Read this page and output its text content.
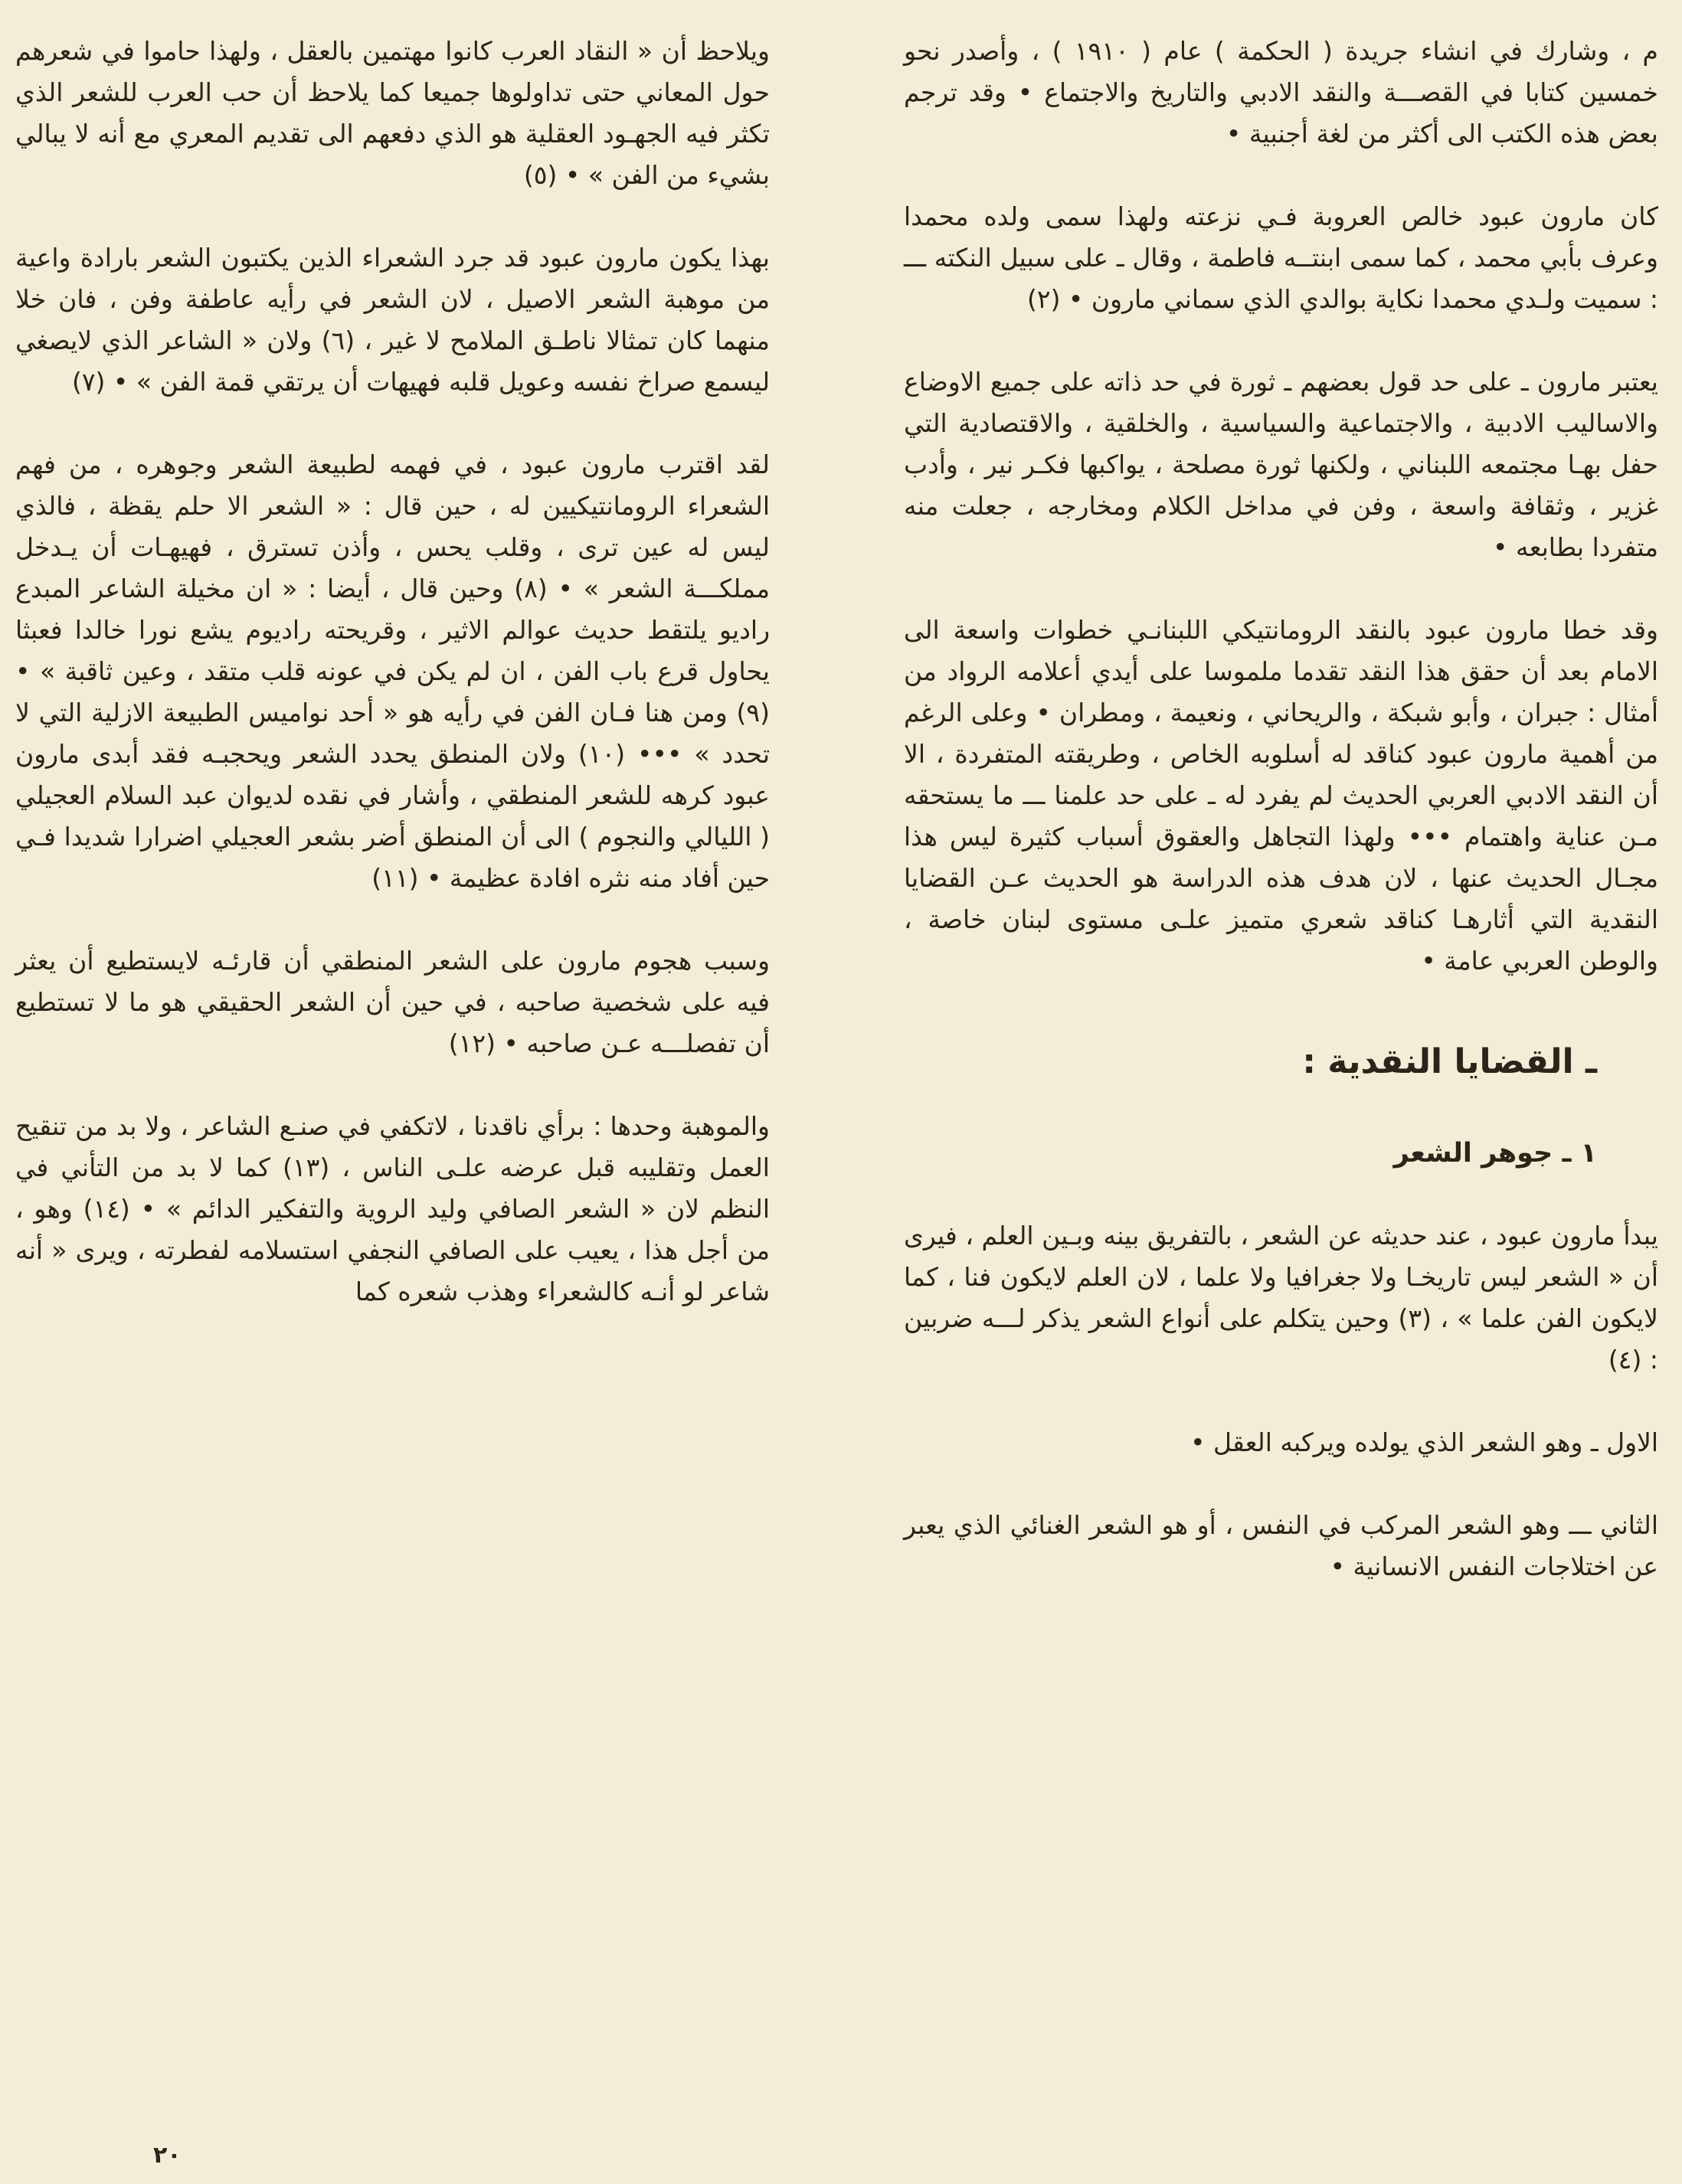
م ، وشارك في انشاء جريدة ( الحكمة ) عام ( ١٩١٠ ) ، وأصدر نحو خمسين كتابا في القصـــة والنقد الادبي والتاريخ والاجتماع • وقد ترجم بعض هذه الكتب الى أكثر من لغة أجنبية •

كان مارون عبود خالص العروبة فـي نزعته ولهذا سمى ولده محمدا وعرف بأبي محمد ، كما سمى ابنتــه فاطمة ، وقال ـ على سبيل النكته ـــ : سميت ولـدي محمدا نكاية بوالدي الذي سماني مارون • (٢)

يعتبر مارون ـ على حد قول بعضهم ـ ثورة في حد ذاته على جميع الاوضاع والاساليب الادبية ، والاجتماعية والسياسية ، والخلقية ، والاقتصادية التي حفل بهـا مجتمعه اللبناني ، ولكنها ثورة مصلحة ، يواكبها فكـر نير ، وأدب غزير ، وثقافة واسعة ، وفن في مداخل الكلام ومخارجه ، جعلت منه متفردا بطابعه •

وقد خطا مارون عبود بالنقد الرومانتيكي اللبنانـي خطوات واسعة الى الامام بعد أن حقق هذا النقد تقدما ملموسا على أيدي أعلامه الرواد من أمثال : جبران ، وأبو شبكة ، والريحاني ، ونعيمة ، ومطران • وعلى الرغم من أهمية مارون عبود كناقد له أسلوبه الخاص ، وطريقته المتفردة ، الا أن النقد الادبي العربي الحديث لم يفرد له ـ على حد علمنا ـــ ما يستحقه مـن عناية واهتمام ••• ولهذا التجاهل والعقوق أسباب كثيرة ليس هذا مجـال الحديث عنها ، لان هدف هذه الدراسة هو الحديث عـن القضايا النقدية التي أثارهـا كناقد شعري متميز علـى مستوى لبنان خاصة ، والوطن العربي عامة •

ـ القضايا النقدية :
١ ـ جوهر الشعر

يبدأ مارون عبود ، عند حديثه عن الشعر ، بالتفريق بينه وبـين العلم ، فيرى أن « الشعر ليس تاريخـا ولا جغرافيا ولا علما ، لان العلم لايكون فنا ، كما لايكون الفن علما » ، (٣) وحين يتكلم على أنواع الشعر يذكر لـــه ضربين : (٤)

الاول ـ وهو الشعر الذي يولده ويركبه العقل •

الثاني ـــ وهو الشعر المركب في النفس ، أو هو الشعر الغنائي الذي يعبر عن اختلاجات النفس الانسانية •

ويلاحظ أن « النقاد العرب كانوا مهتمين بالعقل ، ولهذا حاموا في شعرهم حول المعاني حتى تداولوها جميعا كما يلاحظ أن حب العرب للشعر الذي تكثر فيه الجهـود العقلية هو الذي دفعهم الى تقديم المعري مع أنه لا يبالي بشيء من الفن » • (٥)

بهذا يكون مارون عبود قد جرد الشعراء الذين يكتبون الشعر بارادة واعية من موهبة الشعر الاصيل ، لان الشعر في رأيه عاطفة وفن ، فان خلا منهما كان تمثالا ناطـق الملامح لا غير ، (٦) ولان « الشاعر الذي لايصغي ليسمع صراخ نفسه وعويل قلبه فهيهات أن يرتقي قمة الفن » • (٧)

لقد اقترب مارون عبود ، في فهمه لطبيعة الشعر وجوهره ، من فهم الشعراء الرومانتيكيين له ، حين قال : « الشعر الا حلم يقظة ، فالذي ليس له عين ترى ، وقلب يحس ، وأذن تسترق ، فهيهـات أن يـدخل مملكـــة الشعر » • (٨) وحين قال ، أيضا : « ان مخيلة الشاعر المبدع راديو يلتقط حديث عوالم الاثير ، وقريحته راديوم يشع نورا خالدا فعبثا يحاول قرع باب الفن ، ان لم يكن في عونه قلب متقد ، وعين ثاقبة » • (٩) ومن هنا فـان الفن في رأيه هو « أحد نواميس الطبيعة الازلية التي لا تحدد » ••• (١٠) ولان المنطق يحدد الشعر ويحجبـه فقد أبدى مارون عبود كرهه للشعر المنطقي ، وأشار في نقده لديوان عبد السلام العجيلي ( الليالي والنجوم ) الى أن المنطق أضر بشعر العجيلي اضرارا شديدا فـي حين أفاد منه نثره افادة عظيمة • (١١)

وسبب هجوم مارون على الشعر المنطقي أن قارئـه لايستطيع أن يعثر فيه على شخصية صاحبه ، في حين أن الشعر الحقيقي هو ما لا تستطيع أن تفصلـــه عـن صاحبه • (١٢)

والموهبة وحدها : برأي ناقدنا ، لاتكفي في صنـع الشاعر ، ولا بد من تنقيح العمل وتقليبه قبل عرضه علـى الناس ، (١٣) كما لا بد من التأني في النظم لان « الشعر الصافي وليد الروية والتفكير الدائم » • (١٤) وهو ، من أجل هذا ، يعيب على الصافي النجفي استسلامه لفطرته ، ويرى « أنه شاعر لو أنـه كالشعراء وهذب شعره كما

٢٠
